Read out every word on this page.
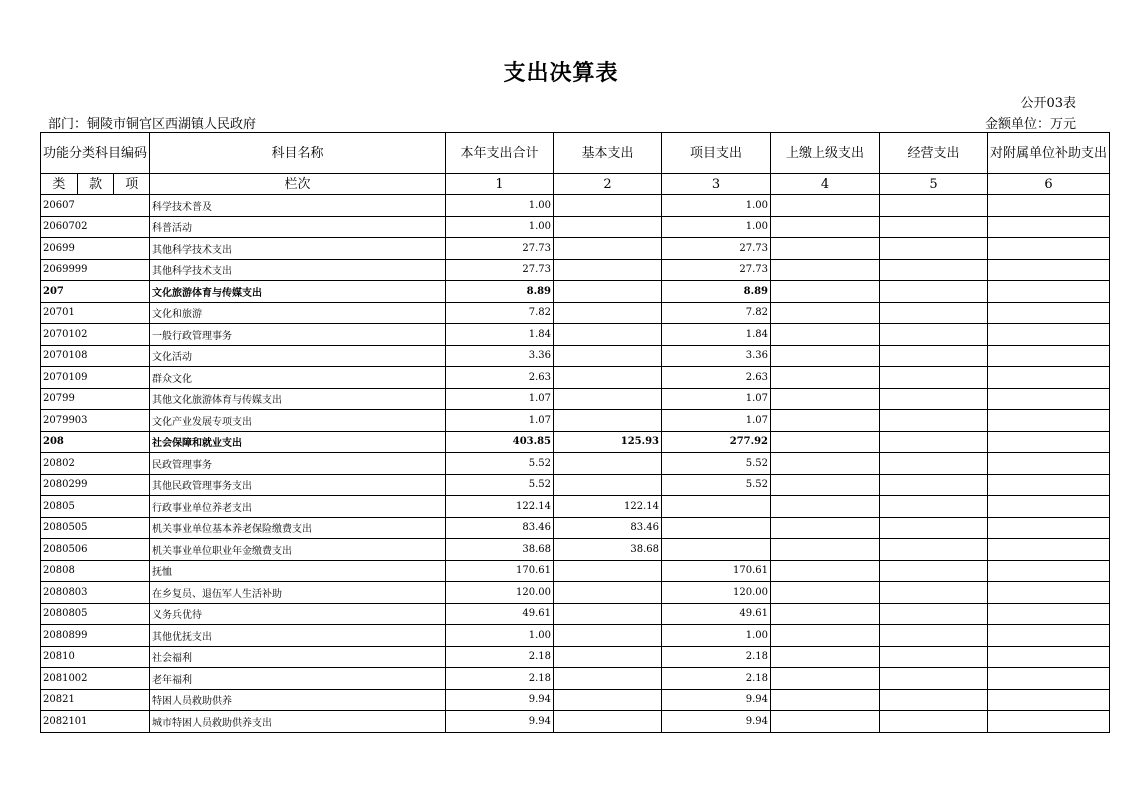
支出决算表
公开03表
部门：铜陵市铜官区西湖镇人民政府	金额单位：万元
功能分类科目编码			科目名称	本年支出合计	基本支出	项目支出	上缴上级支出	经营支出	对附属单位补助支出
类	款	项	栏次	1	2	3	4	5	6
20607			科学技术普及	1.00		1.00			
2060702			科普活动	1.00		1.00			
20699			其他科学技术支出	27.73		27.73			
2069999			其他科学技术支出	27.73		27.73			
207			文化旅游体育与传媒支出	8.89		8.89			
20701			文化和旅游	7.82		7.82			
2070102			一般行政管理事务	1.84		1.84			
2070108			文化活动	3.36		3.36			
2070109			群众文化	2.63		2.63			
20799			其他文化旅游体育与传媒支出	1.07		1.07			
2079903			文化产业发展专项支出	1.07		1.07			
208			社会保障和就业支出	403.85	125.93	277.92			
20802			民政管理事务	5.52		5.52			
2080299			其他民政管理事务支出	5.52		5.52			
20805			行政事业单位养老支出	122.14	122.14				
2080505			机关事业单位基本养老保险缴费支出	83.46	83.46				
2080506			机关事业单位职业年金缴费支出	38.68	38.68				
20808			抚恤	170.61		170.61			
2080803			在乡复员、退伍军人生活补助	120.00		120.00			
2080805			义务兵优待	49.61		49.61			
2080899			其他优抚支出	1.00		1.00			
20810			社会福利	2.18		2.18			
2081002			老年福利	2.18		2.18			
20821			特困人员救助供养	9.94		9.94			
2082101			城市特困人员救助供养支出	9.94		9.94			
